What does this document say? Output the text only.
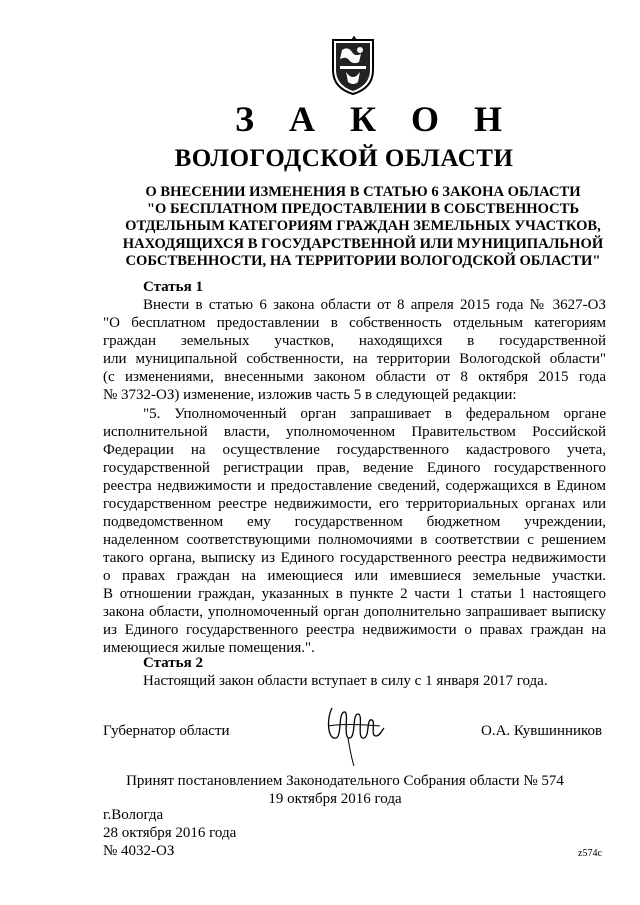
З А К О Н
ВОЛОГОДСКОЙ ОБЛАСТИ
О ВНЕСЕНИИ ИЗМЕНЕНИЯ В СТАТЬЮ 6 ЗАКОНА ОБЛАСТИ
"О БЕСПЛАТНОМ ПРЕДОСТАВЛЕНИИ В СОБСТВЕННОСТЬ
ОТДЕЛЬНЫМ КАТЕГОРИЯМ ГРАЖДАН ЗЕМЕЛЬНЫХ УЧАСТКОВ,
НАХОДЯЩИХСЯ В ГОСУДАРСТВЕННОЙ ИЛИ МУНИЦИПАЛЬНОЙ
СОБСТВЕННОСТИ, НА ТЕРРИТОРИИ ВОЛОГОДСКОЙ ОБЛАСТИ"
Статья 1
Внести в статью 6 закона области от 8 апреля 2015 года № 3627-ОЗ
"О бесплатном предоставлении в собственность отдельным категориям
граждан земельных участков, находящихся в государственной
или муниципальной собственности, на территории Вологодской области"
(с изменениями, внесенными законом области от 8 октября 2015 года
№ 3732-ОЗ) изменение, изложив часть 5 в следующей редакции:
"5. Уполномоченный орган запрашивает в федеральном органе
исполнительной власти, уполномоченном Правительством Российской
Федерации на осуществление государственного кадастрового учета,
государственной регистрации прав, ведение Единого государственного
реестра недвижимости и предоставление сведений, содержащихся в Едином
государственном реестре недвижимости, его территориальных органах или
подведомственном ему государственном бюджетном учреждении,
наделенном соответствующими полномочиями в соответствии с решением
такого органа, выписку из Единого государственного реестра недвижимости
о правах граждан на имеющиеся или имевшиеся земельные участки.
В отношении граждан, указанных в пункте 2 части 1 статьи 1 настоящего
закона области, уполномоченный орган дополнительно запрашивает выписку
из Единого государственного реестра недвижимости о правах граждан на
имеющиеся жилые помещения.".
Статья 2
Настоящий закон области вступает в силу с 1 января 2017 года.
Губернатор области	О.А. Кувшинников
Принят постановлением Законодательного Собрания области № 574
19 октября 2016 года
г.Вологда
28 октября 2016 года
№ 4032-ОЗ	z574c
